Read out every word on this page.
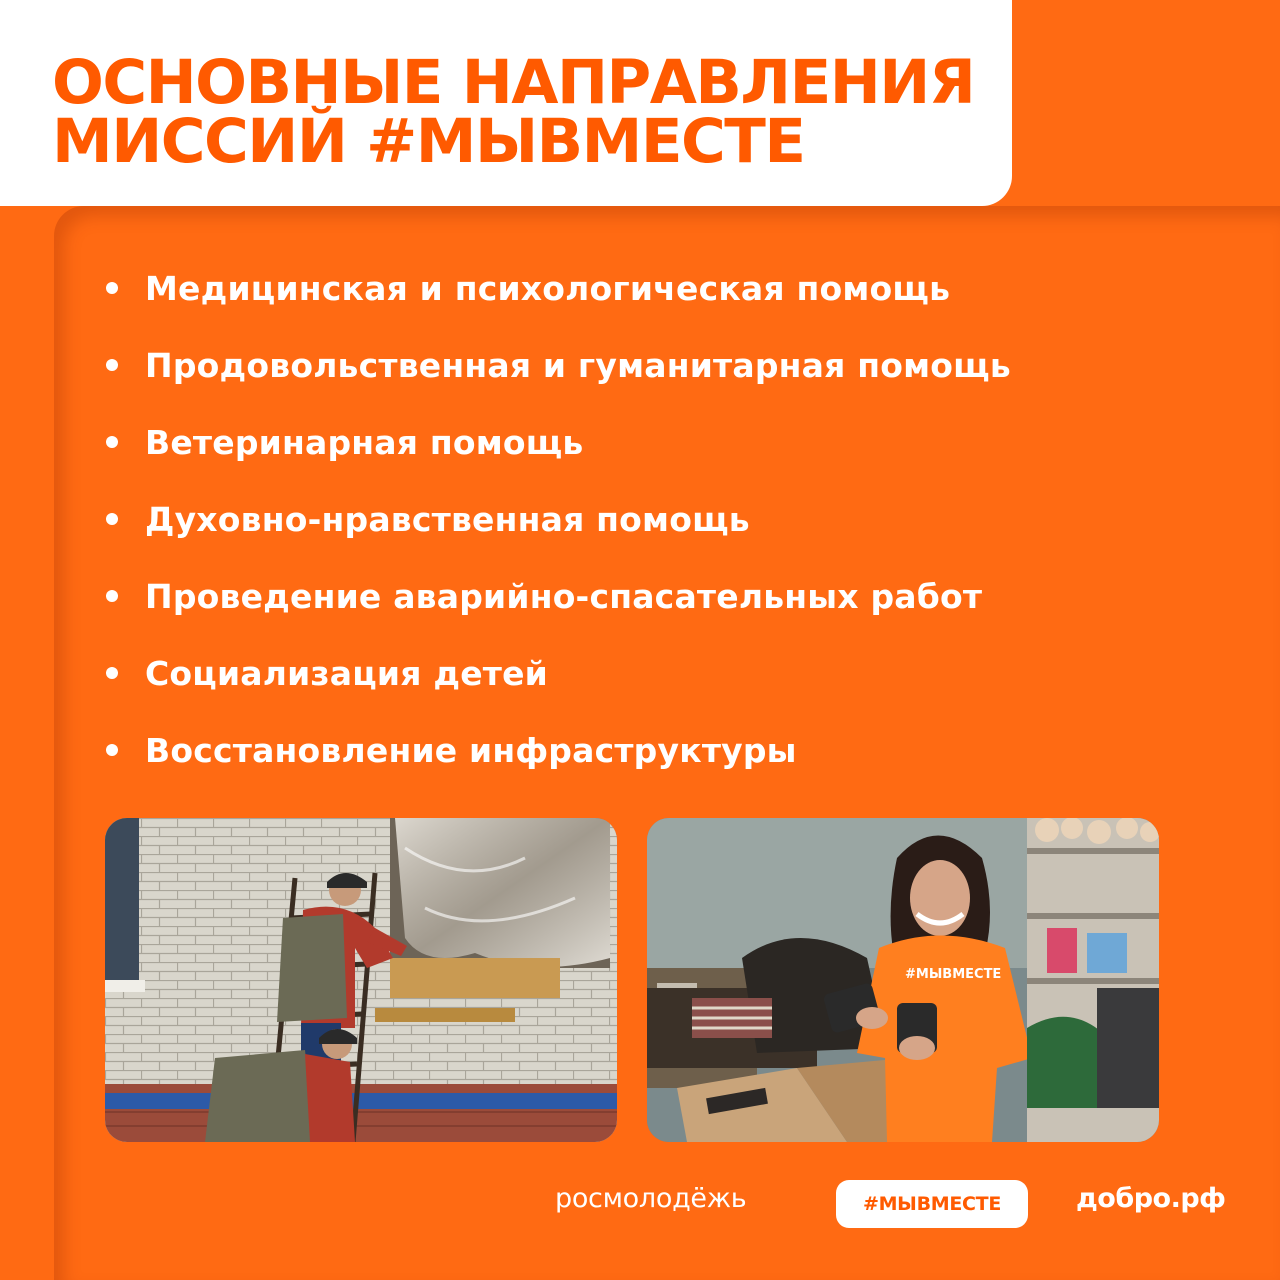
ОСНОВНЫЕ НАПРАВЛЕНИЯ
МИССИЙ #МЫВМЕСТЕ
Медицинская и психологическая помощь
Продовольственная и гуманитарная помощь
Ветеринарная помощь
Духовно-нравственная помощь
Проведение аварийно-спасательных работ
Социализация детей
Восстановление инфраструктуры
#МЫВМЕСТЕ
росмолодёжь	#МЫВМЕСТЕ	добро.рф
